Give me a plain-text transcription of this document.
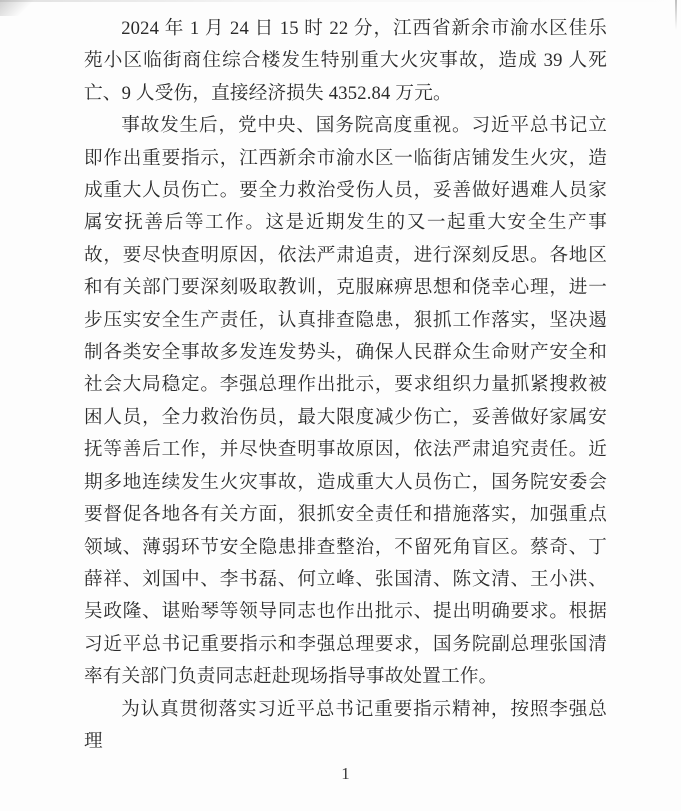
2024 年 1 月 24 日 15 时 22 分，江西省新余市渝水区佳乐苑小区临街商住综合楼发生特别重大火灾事故，造成 39 人死亡、9 人受伤，直接经济损失 4352.84 万元。

事故发生后，党中央、国务院高度重视。习近平总书记立即作出重要指示，江西新余市渝水区一临街店铺发生火灾，造成重大人员伤亡。要全力救治受伤人员，妥善做好遇难人员家属安抚善后等工作。这是近期发生的又一起重大安全生产事故，要尽快查明原因，依法严肃追责，进行深刻反思。各地区和有关部门要深刻吸取教训，克服麻痹思想和侥幸心理，进一步压实安全生产责任，认真排查隐患，狠抓工作落实，坚决遏制各类安全事故多发连发势头，确保人民群众生命财产安全和社会大局稳定。李强总理作出批示，要求组织力量抓紧搜救被困人员，全力救治伤员，最大限度减少伤亡，妥善做好家属安抚等善后工作，并尽快查明事故原因，依法严肃追究责任。近期多地连续发生火灾事故，造成重大人员伤亡，国务院安委会要督促各地各有关方面，狠抓安全责任和措施落实，加强重点领域、薄弱环节安全隐患排查整治，不留死角盲区。蔡奇、丁薛祥、刘国中、李书磊、何立峰、张国清、陈文清、王小洪、吴政隆、谌贻琴等领导同志也作出批示、提出明确要求。根据习近平总书记重要指示和李强总理要求，国务院副总理张国清率有关部门负责同志赶赴现场指导事故处置工作。

为认真贯彻落实习近平总书记重要指示精神，按照李强总理

1
